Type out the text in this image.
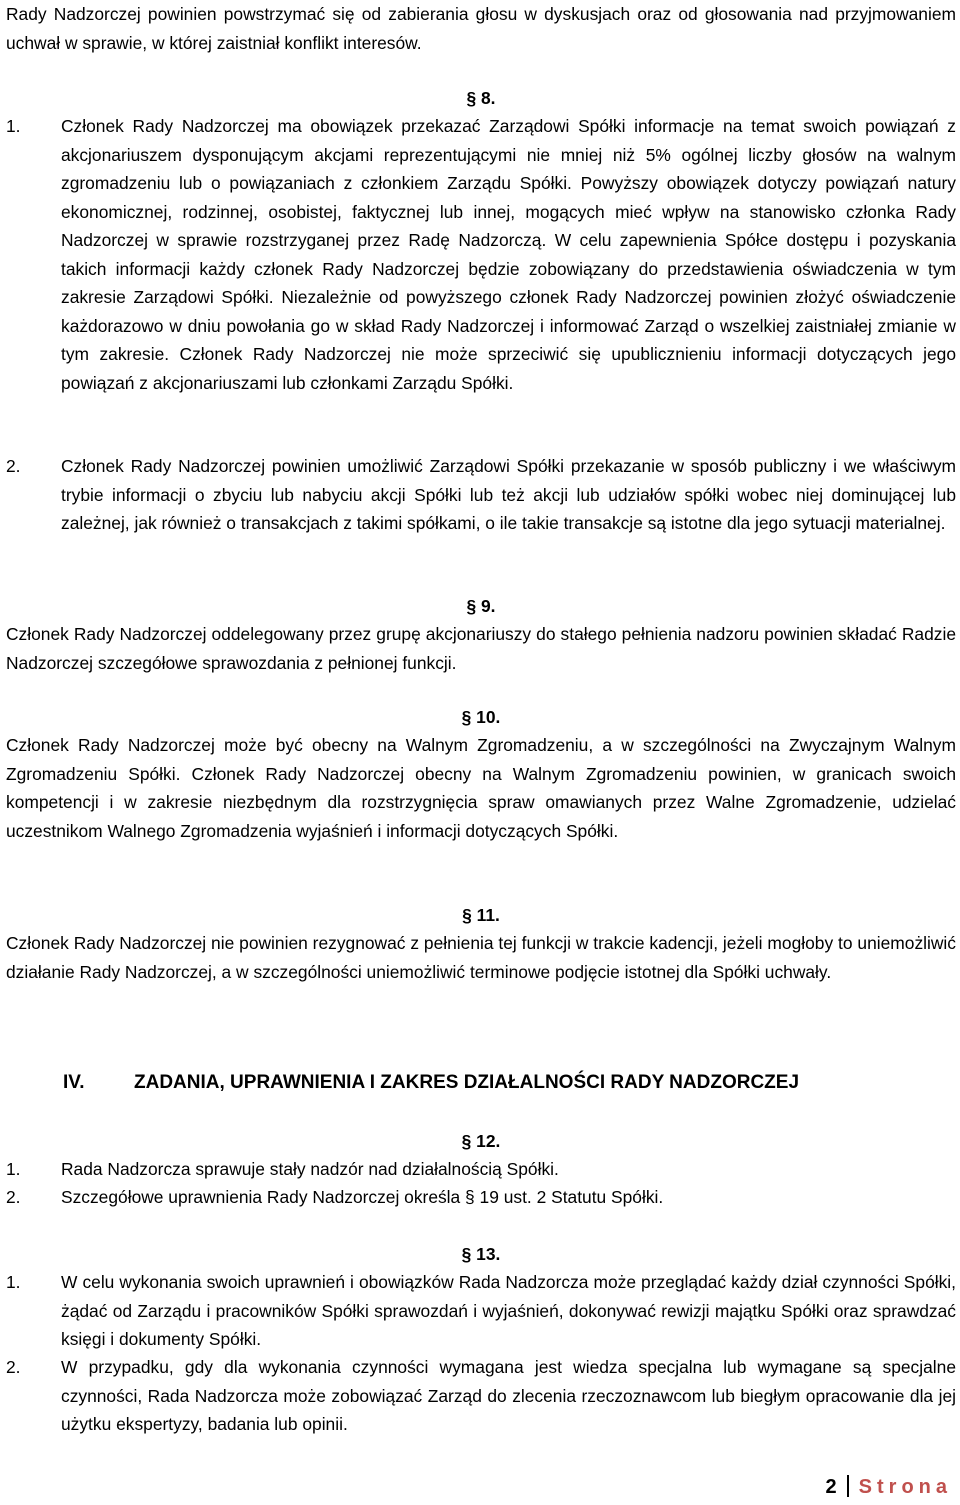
Rady Nadzorczej powinien powstrzymać się od zabierania głosu w dyskusjach oraz od głosowania nad przyjmowaniem uchwał w sprawie, w której zaistniał konflikt interesów.

§ 8.
1.	Członek Rady Nadzorczej ma obowiązek przekazać Zarządowi Spółki informacje na temat swoich powiązań z akcjonariuszem dysponującym akcjami reprezentującymi nie mniej niż 5% ogólnej liczby głosów na walnym zgromadzeniu lub o powiązaniach z członkiem Zarządu Spółki. Powyższy obowiązek dotyczy powiązań natury ekonomicznej, rodzinnej, osobistej, faktycznej lub innej, mogących mieć wpływ na stanowisko członka Rady Nadzorczej w sprawie rozstrzyganej przez Radę Nadzorczą. W celu zapewnienia Spółce dostępu i pozyskania takich informacji każdy członek Rady Nadzorczej będzie zobowiązany do przedstawienia oświadczenia w tym zakresie Zarządowi Spółki. Niezależnie od powyższego członek Rady Nadzorczej powinien złożyć oświadczenie każdorazowo w dniu powołania go w skład Rady Nadzorczej i informować Zarząd o wszelkiej zaistniałej zmianie w tym zakresie. Członek Rady Nadzorczej nie może sprzeciwić się upublicznieniu informacji dotyczących jego powiązań z akcjonariuszami lub członkami Zarządu Spółki.
2.	Członek Rady Nadzorczej powinien umożliwić Zarządowi Spółki przekazanie w sposób publiczny i we właściwym trybie informacji o zbyciu lub nabyciu akcji Spółki lub też akcji lub udziałów spółki wobec niej dominującej lub zależnej, jak również o transakcjach z takimi spółkami, o ile takie transakcje są istotne dla jego sytuacji materialnej.
§ 9.

Członek Rady Nadzorczej oddelegowany przez grupę akcjonariuszy do stałego pełnienia nadzoru powinien składać Radzie Nadzorczej szczegółowe sprawozdania z pełnionej funkcji.

§ 10.

Członek Rady Nadzorczej może być obecny na Walnym Zgromadzeniu, a w szczególności na Zwyczajnym Walnym Zgromadzeniu Spółki. Członek Rady Nadzorczej obecny na Walnym Zgromadzeniu powinien, w granicach swoich kompetencji i w zakresie niezbędnym dla rozstrzygnięcia spraw omawianych przez Walne Zgromadzenie, udzielać uczestnikom Walnego Zgromadzenia wyjaśnień i informacji dotyczących Spółki.

§ 11.

Członek Rady Nadzorczej nie powinien rezygnować z pełnienia tej funkcji w trakcie kadencji, jeżeli mogłoby to uniemożliwić działanie Rady Nadzorczej, a w szczególności uniemożliwić terminowe podjęcie istotnej dla Spółki uchwały.

IV.	ZADANIA, UPRAWNIENIA I ZAKRES DZIAŁALNOŚCI RADY NADZORCZEJ
§ 12.
1.	Rada Nadzorcza sprawuje stały nadzór nad działalnością Spółki.
2.	Szczegółowe uprawnienia Rady Nadzorczej określa § 19 ust. 2 Statutu Spółki.
§ 13.
1.	W celu wykonania swoich uprawnień i obowiązków Rada Nadzorcza może przeglądać każdy dział czynności Spółki, żądać od Zarządu i pracowników Spółki sprawozdań i wyjaśnień, dokonywać rewizji majątku Spółki oraz sprawdzać księgi i dokumenty Spółki.
2.	W przypadku, gdy dla wykonania czynności wymagana jest wiedza specjalna lub wymagane są specjalne czynności, Rada Nadzorcza może zobowiązać Zarząd do zlecenia rzeczoznawcom lub biegłym opracowanie dla jej użytku ekspertyzy, badania lub opinii.
2 Strona
